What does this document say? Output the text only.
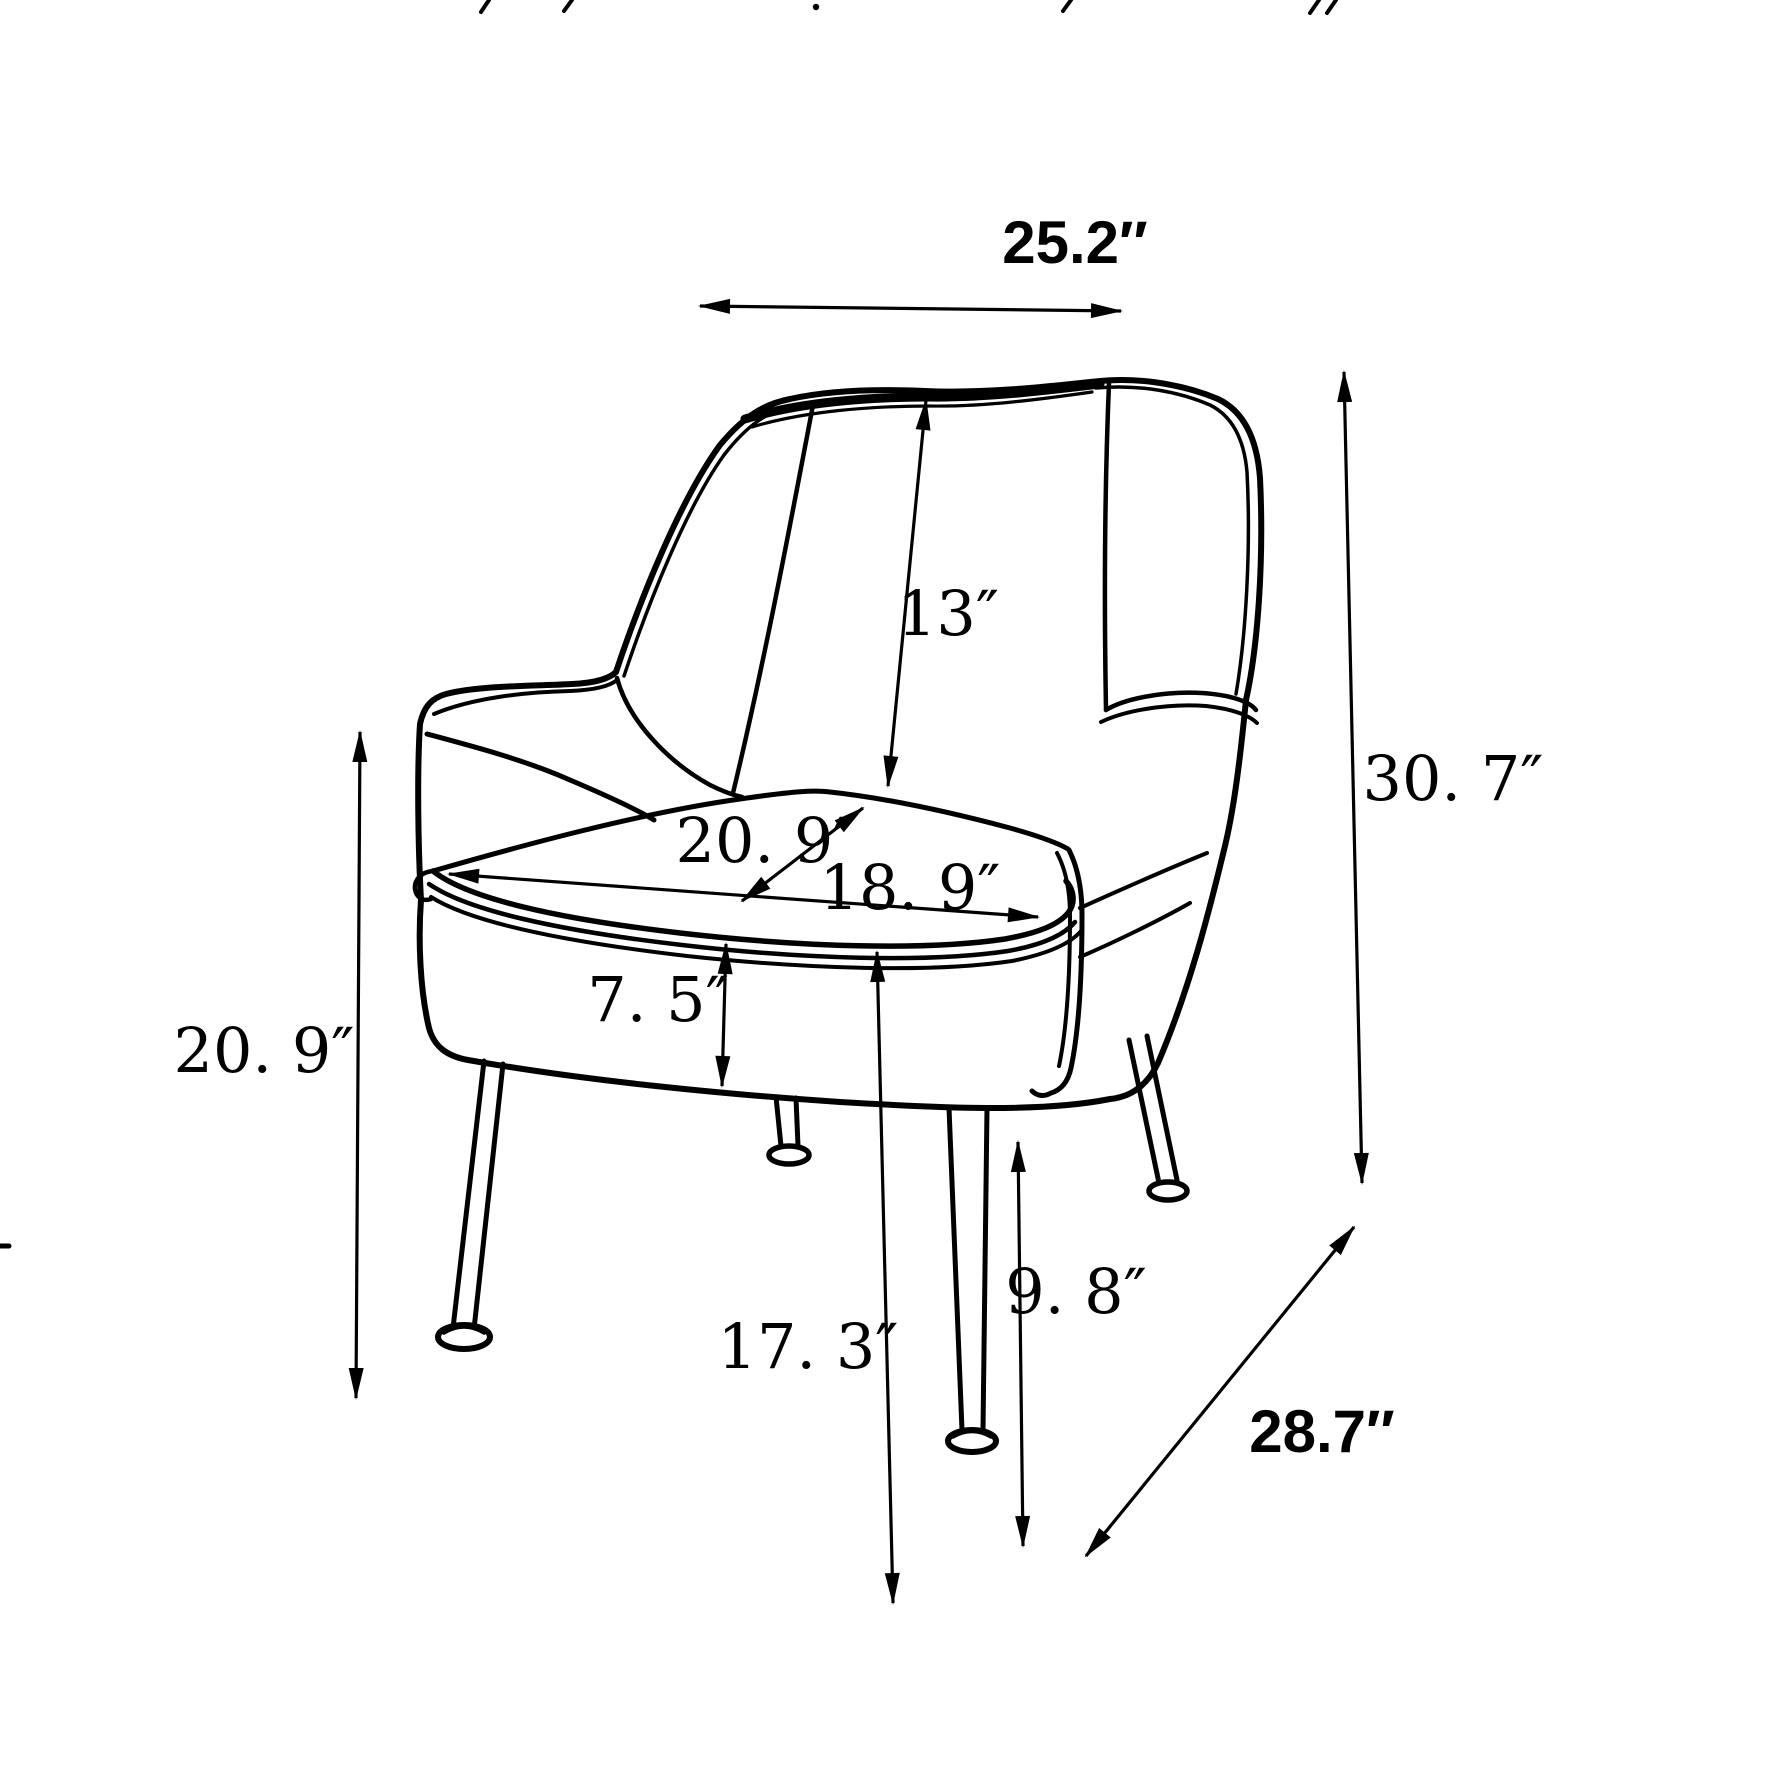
25.2″
30. 7″
28.7″
13″
20. 9″
18. 9″
7. 5″
20. 9″
17. 3″
9. 8″
